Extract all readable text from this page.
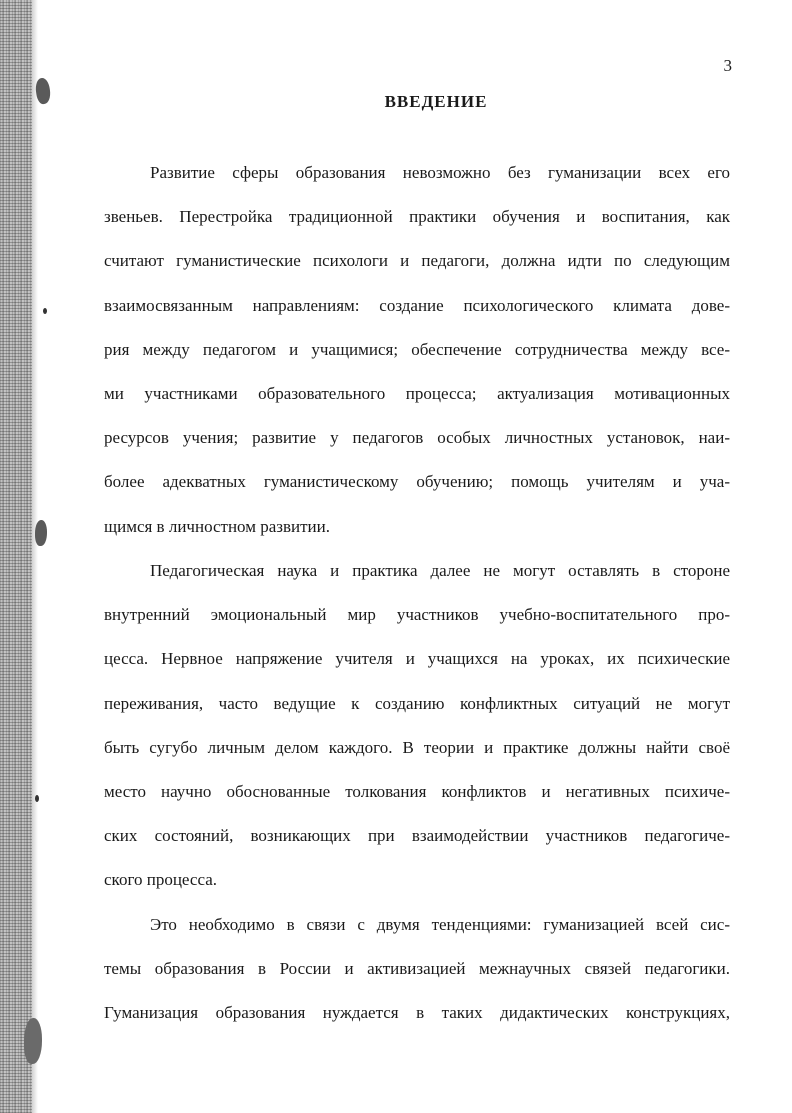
3
ВВЕДЕНИЕ
Развитие сферы образования невозможно без гуманизации всех его
звеньев. Перестройка традиционной практики обучения и воспитания, как
считают гуманистические психологи и педагоги, должна идти по следующим
взаимосвязанным направлениям: создание психологического климата дове-
рия между педагогом и учащимися; обеспечение сотрудничества между все-
ми участниками образовательного процесса; актуализация мотивационных
ресурсов учения; развитие у педагогов особых личностных установок, наи-
более адекватных гуманистическому обучению; помощь учителям и уча-
щимся в личностном развитии.
Педагогическая наука и практика далее не могут оставлять в стороне
внутренний эмоциональный мир участников учебно-воспитательного про-
цесса. Нервное напряжение учителя и учащихся на уроках, их психические
переживания, часто ведущие к созданию конфликтных ситуаций не могут
быть сугубо личным делом каждого. В теории и практике должны найти своё
место научно обоснованные толкования конфликтов и негативных психиче-
ских состояний, возникающих при взаимодействии участников педагогиче-
ского процесса.
Это необходимо в связи с двумя тенденциями: гуманизацией всей сис-
темы образования в России и активизацией межнаучных связей педагогики.
Гуманизация образования нуждается в таких дидактических конструкциях,
